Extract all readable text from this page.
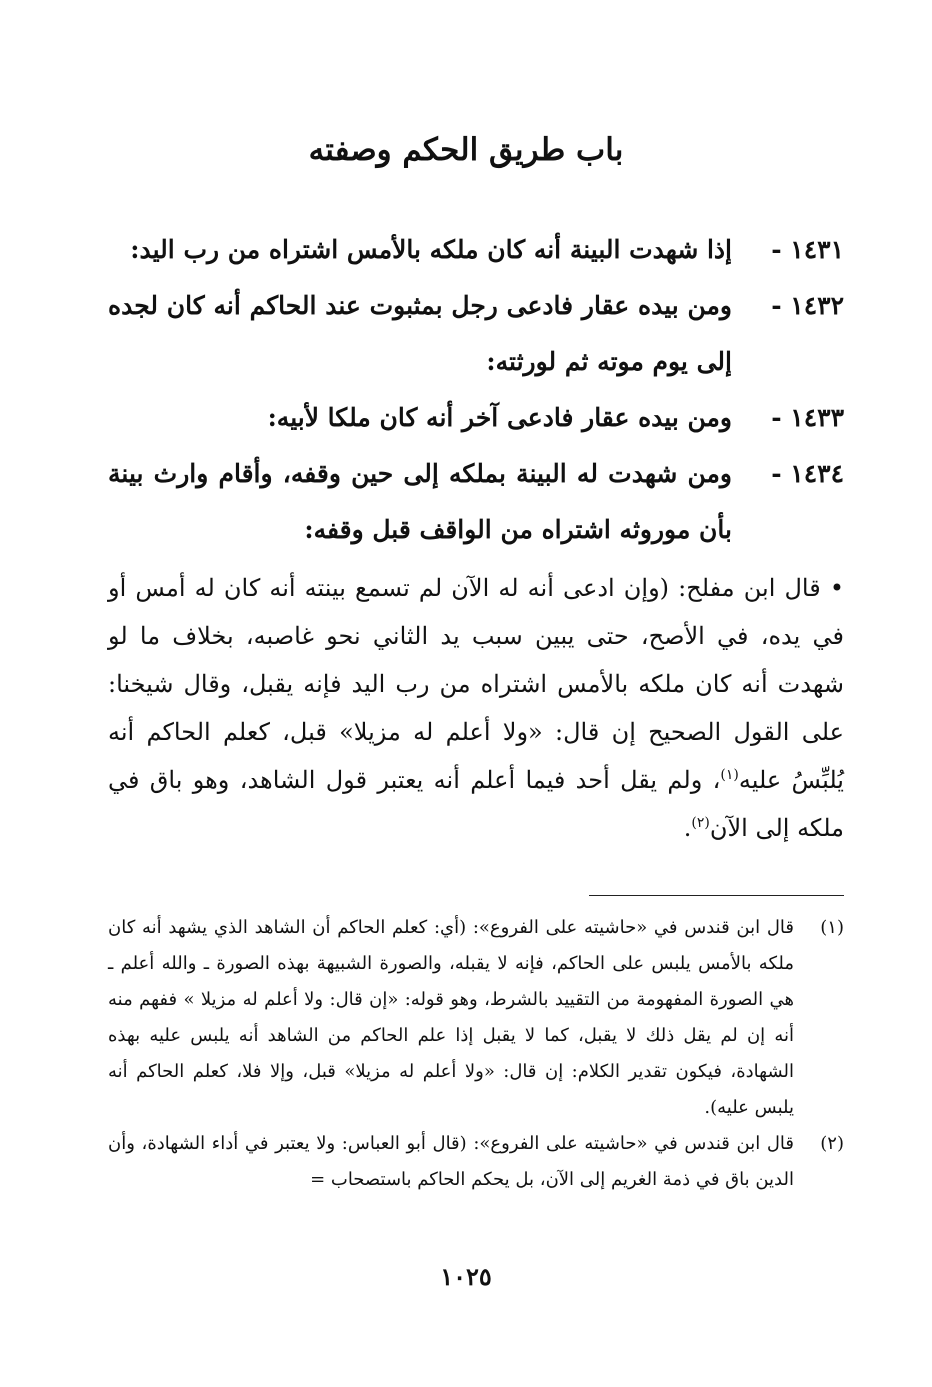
باب طريق الحكم وصفته
١٤٣١ -
إذا شهدت البينة أنه كان ملكه بالأمس اشتراه من رب اليد:
١٤٣٢ -
ومن بيده عقار فادعى رجل بمثبوت عند الحاكم أنه كان لجده إلى يوم موته ثم لورثته:
١٤٣٣ -
ومن بيده عقار فادعى آخر أنه كان ملكا لأبيه:
١٤٣٤ -
ومن شهدت له البينة بملكه إلى حين وقفه، وأقام وارث بينة بأن موروثه اشتراه من الواقف قبل وقفه:
• قال ابن مفلح: (وإن ادعى أنه له الآن لم تسمع بينته أنه كان له أمس أو في يده، في الأصح، حتى يبين سبب يد الثاني نحو غاصبه، بخلاف ما لو شهدت أنه كان ملكه بالأمس اشتراه من رب اليد فإنه يقبل، وقال شيخنا: على القول الصحيح إن قال: «ولا أعلم له مزيلا» قبل، كعلم الحاكم أنه يُلبِّسُ عليه$^{(١)}$، ولم يقل أحد فيما أعلم أنه يعتبر قول الشاهد، وهو باق في ملكه إلى الآن$^{(٢)}$.
(١)
قال ابن قندس في «حاشيته على الفروع»: (أي: كعلم الحاكم أن الشاهد الذي يشهد أنه كان ملكه بالأمس يلبس على الحاكم، فإنه لا يقبله، والصورة الشبيهة بهذه الصورة ـ والله أعلم ـ هي الصورة المفهومة من التقييد بالشرط، وهو قوله: «إن قال: ولا أعلم له مزيلا » ففهم منه أنه إن لم يقل ذلك لا يقبل، كما لا يقبل إذا علم الحاكم من الشاهد أنه يلبس عليه بهذه الشهادة، فيكون تقدير الكلام: إن قال: «ولا أعلم له مزيلا» قبل، وإلا فلا، كعلم الحاكم أنه يلبس عليه).
(٢)
قال ابن قندس في «حاشيته على الفروع»: (قال أبو العباس: ولا يعتبر في أداء الشهادة، وأن الدين باق في ذمة الغريم إلى الآن، بل يحكم الحاكم باستصحاب =
١٠٢٥
